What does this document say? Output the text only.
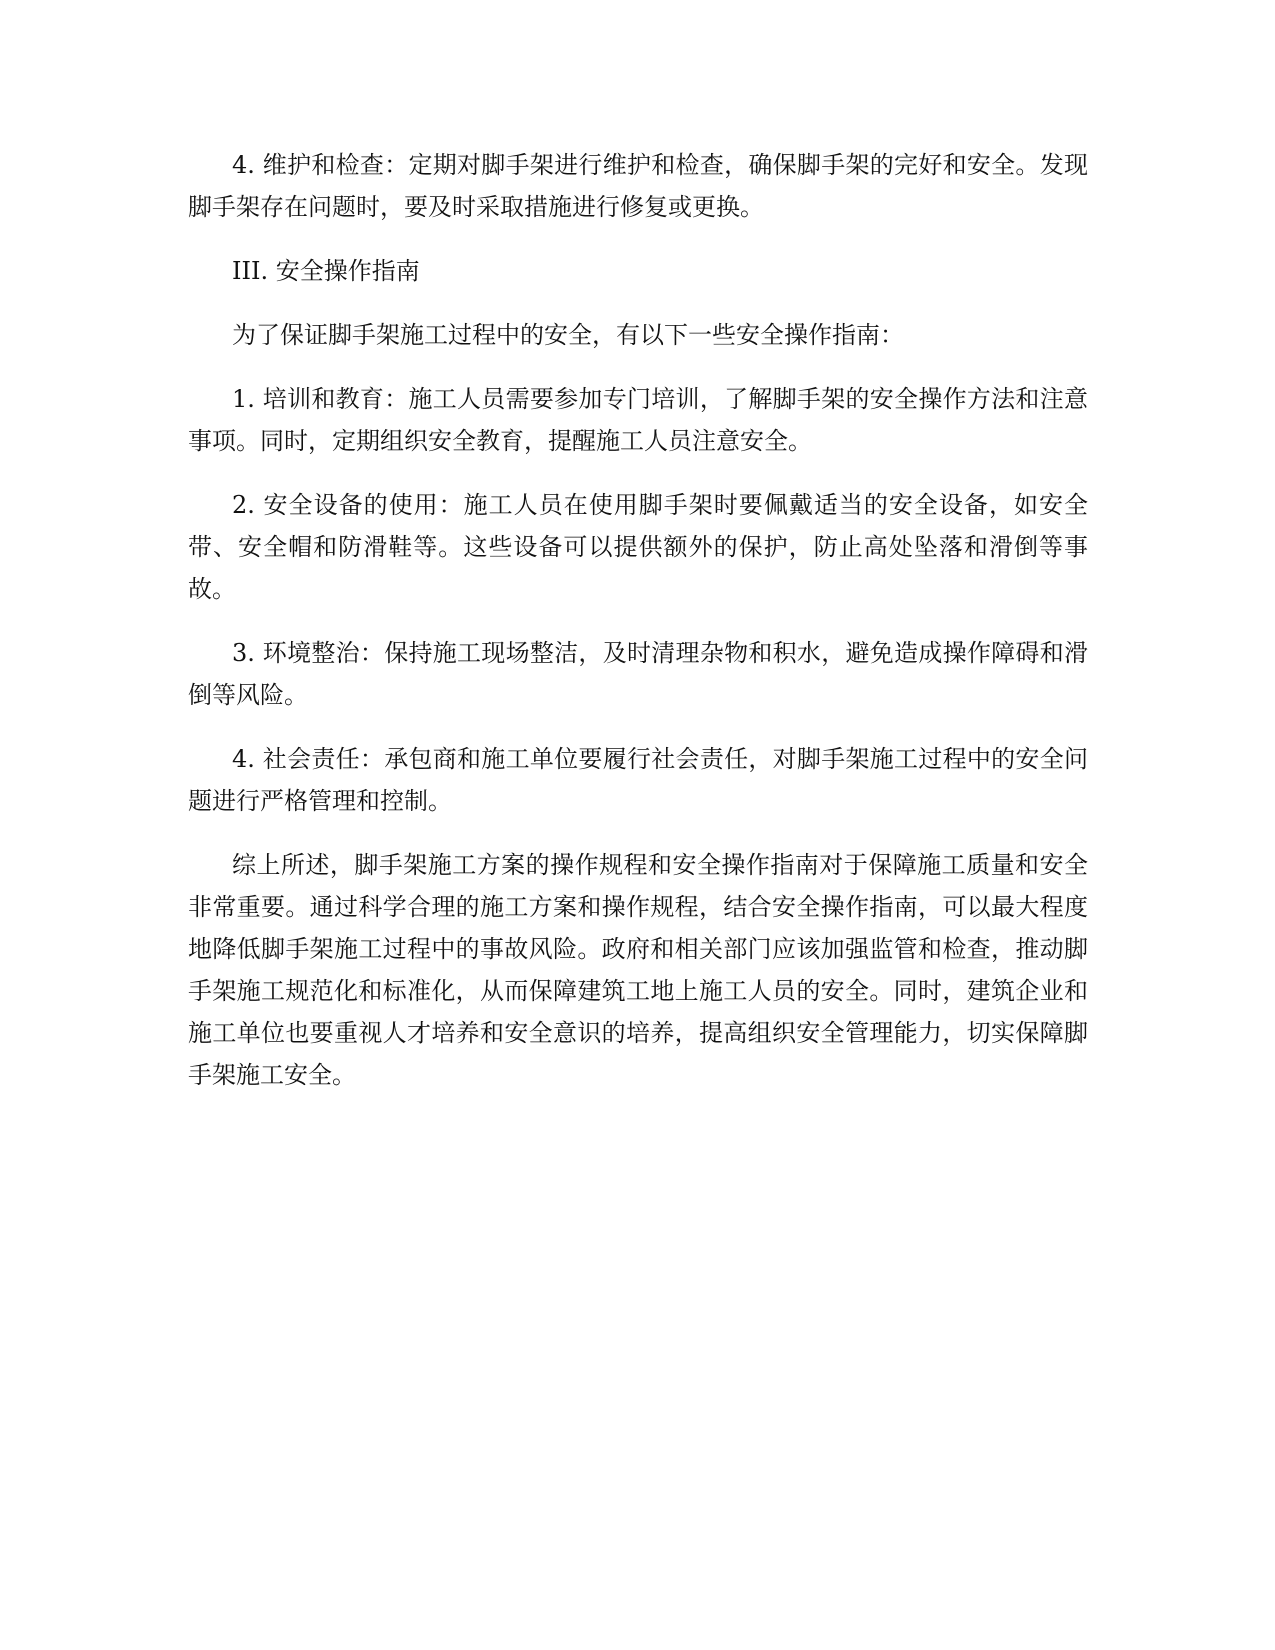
4. 维护和检查：定期对脚手架进行维护和检查，确保脚手架的完好和安全。发现脚手架存在问题时，要及时采取措施进行修复或更换。

III. 安全操作指南

为了保证脚手架施工过程中的安全，有以下一些安全操作指南：

1. 培训和教育：施工人员需要参加专门培训，了解脚手架的安全操作方法和注意事项。同时，定期组织安全教育，提醒施工人员注意安全。

2. 安全设备的使用：施工人员在使用脚手架时要佩戴适当的安全设备，如安全带、安全帽和防滑鞋等。这些设备可以提供额外的保护，防止高处坠落和滑倒等事故。

3. 环境整治：保持施工现场整洁，及时清理杂物和积水，避免造成操作障碍和滑倒等风险。

4. 社会责任：承包商和施工单位要履行社会责任，对脚手架施工过程中的安全问题进行严格管理和控制。

综上所述，脚手架施工方案的操作规程和安全操作指南对于保障施工质量和安全非常重要。通过科学合理的施工方案和操作规程，结合安全操作指南，可以最大程度地降低脚手架施工过程中的事故风险。政府和相关部门应该加强监管和检查，推动脚手架施工规范化和标准化，从而保障建筑工地上施工人员的安全。同时，建筑企业和施工单位也要重视人才培养和安全意识的培养，提高组织安全管理能力，切实保障脚手架施工安全。
